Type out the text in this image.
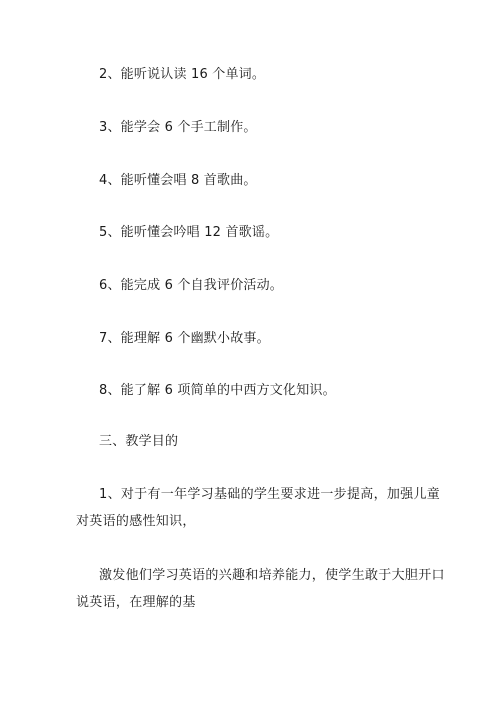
2、能听说认读 16 个单词。
3、能学会 6 个手工制作。
4、能听懂会唱 8 首歌曲。
5、能听懂会吟唱 12 首歌谣。
6、能完成 6 个自我评价活动。
7、能理解 6 个幽默小故事。
8、能了解 6 项简单的中西方文化知识。
三、教学目的
1、对于有一年学习基础的学生要求进一步提高，加强儿童对英语的感性知识，
激发他们学习英语的兴趣和培养能力，使学生敢于大胆开口说英语，在理解的基
